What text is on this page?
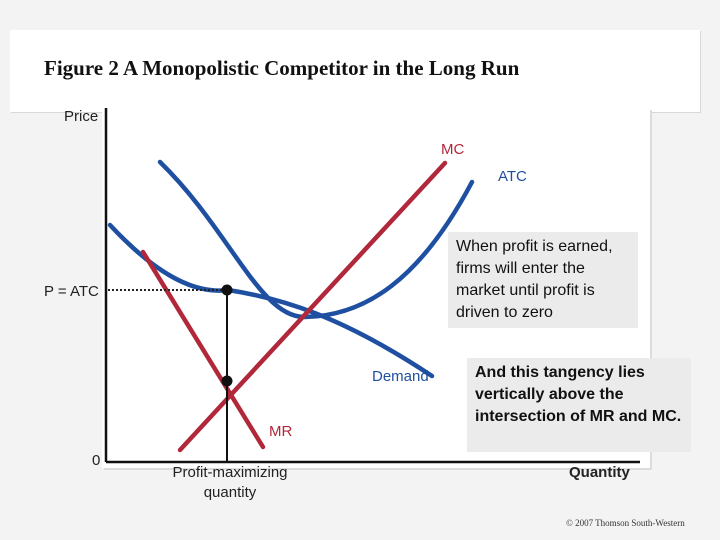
Figure 2 A Monopolistic Competitor in the Long Run
Price
0
Quantity
MC
ATC
Demand
MR
P = ATC
Profit-maximizing quantity
When profit is earned, firms will enter the market until profit is driven to zero
And this tangency lies vertically above the intersection of MR and MC.
© 2007 Thomson South-Western
